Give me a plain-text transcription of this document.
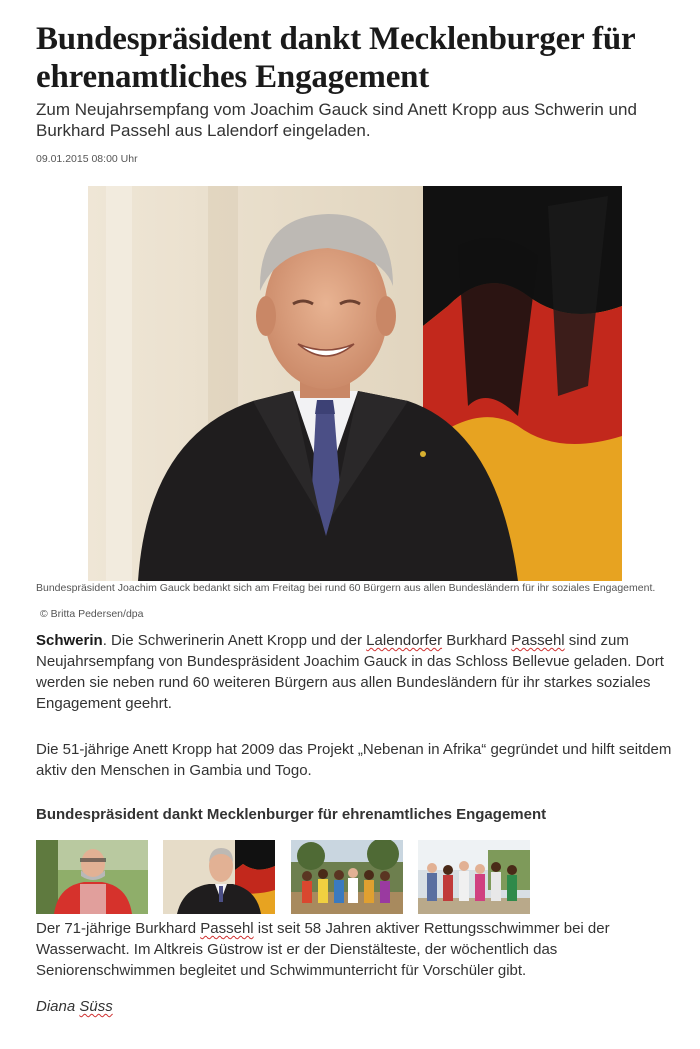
Bundespräsident dankt Mecklenburger für ehrenamtliches Engagement

Zum Neujahrsempfang vom Joachim Gauck sind Anett Kropp aus Schwerin und Burkhard Passehl aus Lalendorf eingeladen.

09.01.2015 08:00 Uhr

Bundespräsident Joachim Gauck bedankt sich am Freitag bei rund 60 Bürgern aus allen Bundesländern für ihr soziales Engagement.

© Britta Pedersen/dpa

Schwerin. Die Schwerinerin Anett Kropp und der Lalendorfer Burkhard Passehl sind zum Neujahrsempfang von Bundespräsident Joachim Gauck in das Schloss Bellevue geladen. Dort werden sie neben rund 60 weiteren Bürgern aus allen Bundesländern für ihr starkes soziales Engagement geehrt.

Die 51-jährige Anett Kropp hat 2009 das Projekt „Nebenan in Afrika“ gegründet und hilft seitdem aktiv den Menschen in Gambia und Togo.

Bundespräsident dankt Mecklenburger für ehrenamtliches Engagement

Der 71-jährige Burkhard Passehl ist seit 58 Jahren aktiver Rettungsschwimmer bei der Wasserwacht. Im Altkreis Güstrow ist er der Dienstälteste, der wöchentlich das Seniorenschwimmen begleitet und Schwimmunterricht für Vorschüler gibt.

Diana Süss
